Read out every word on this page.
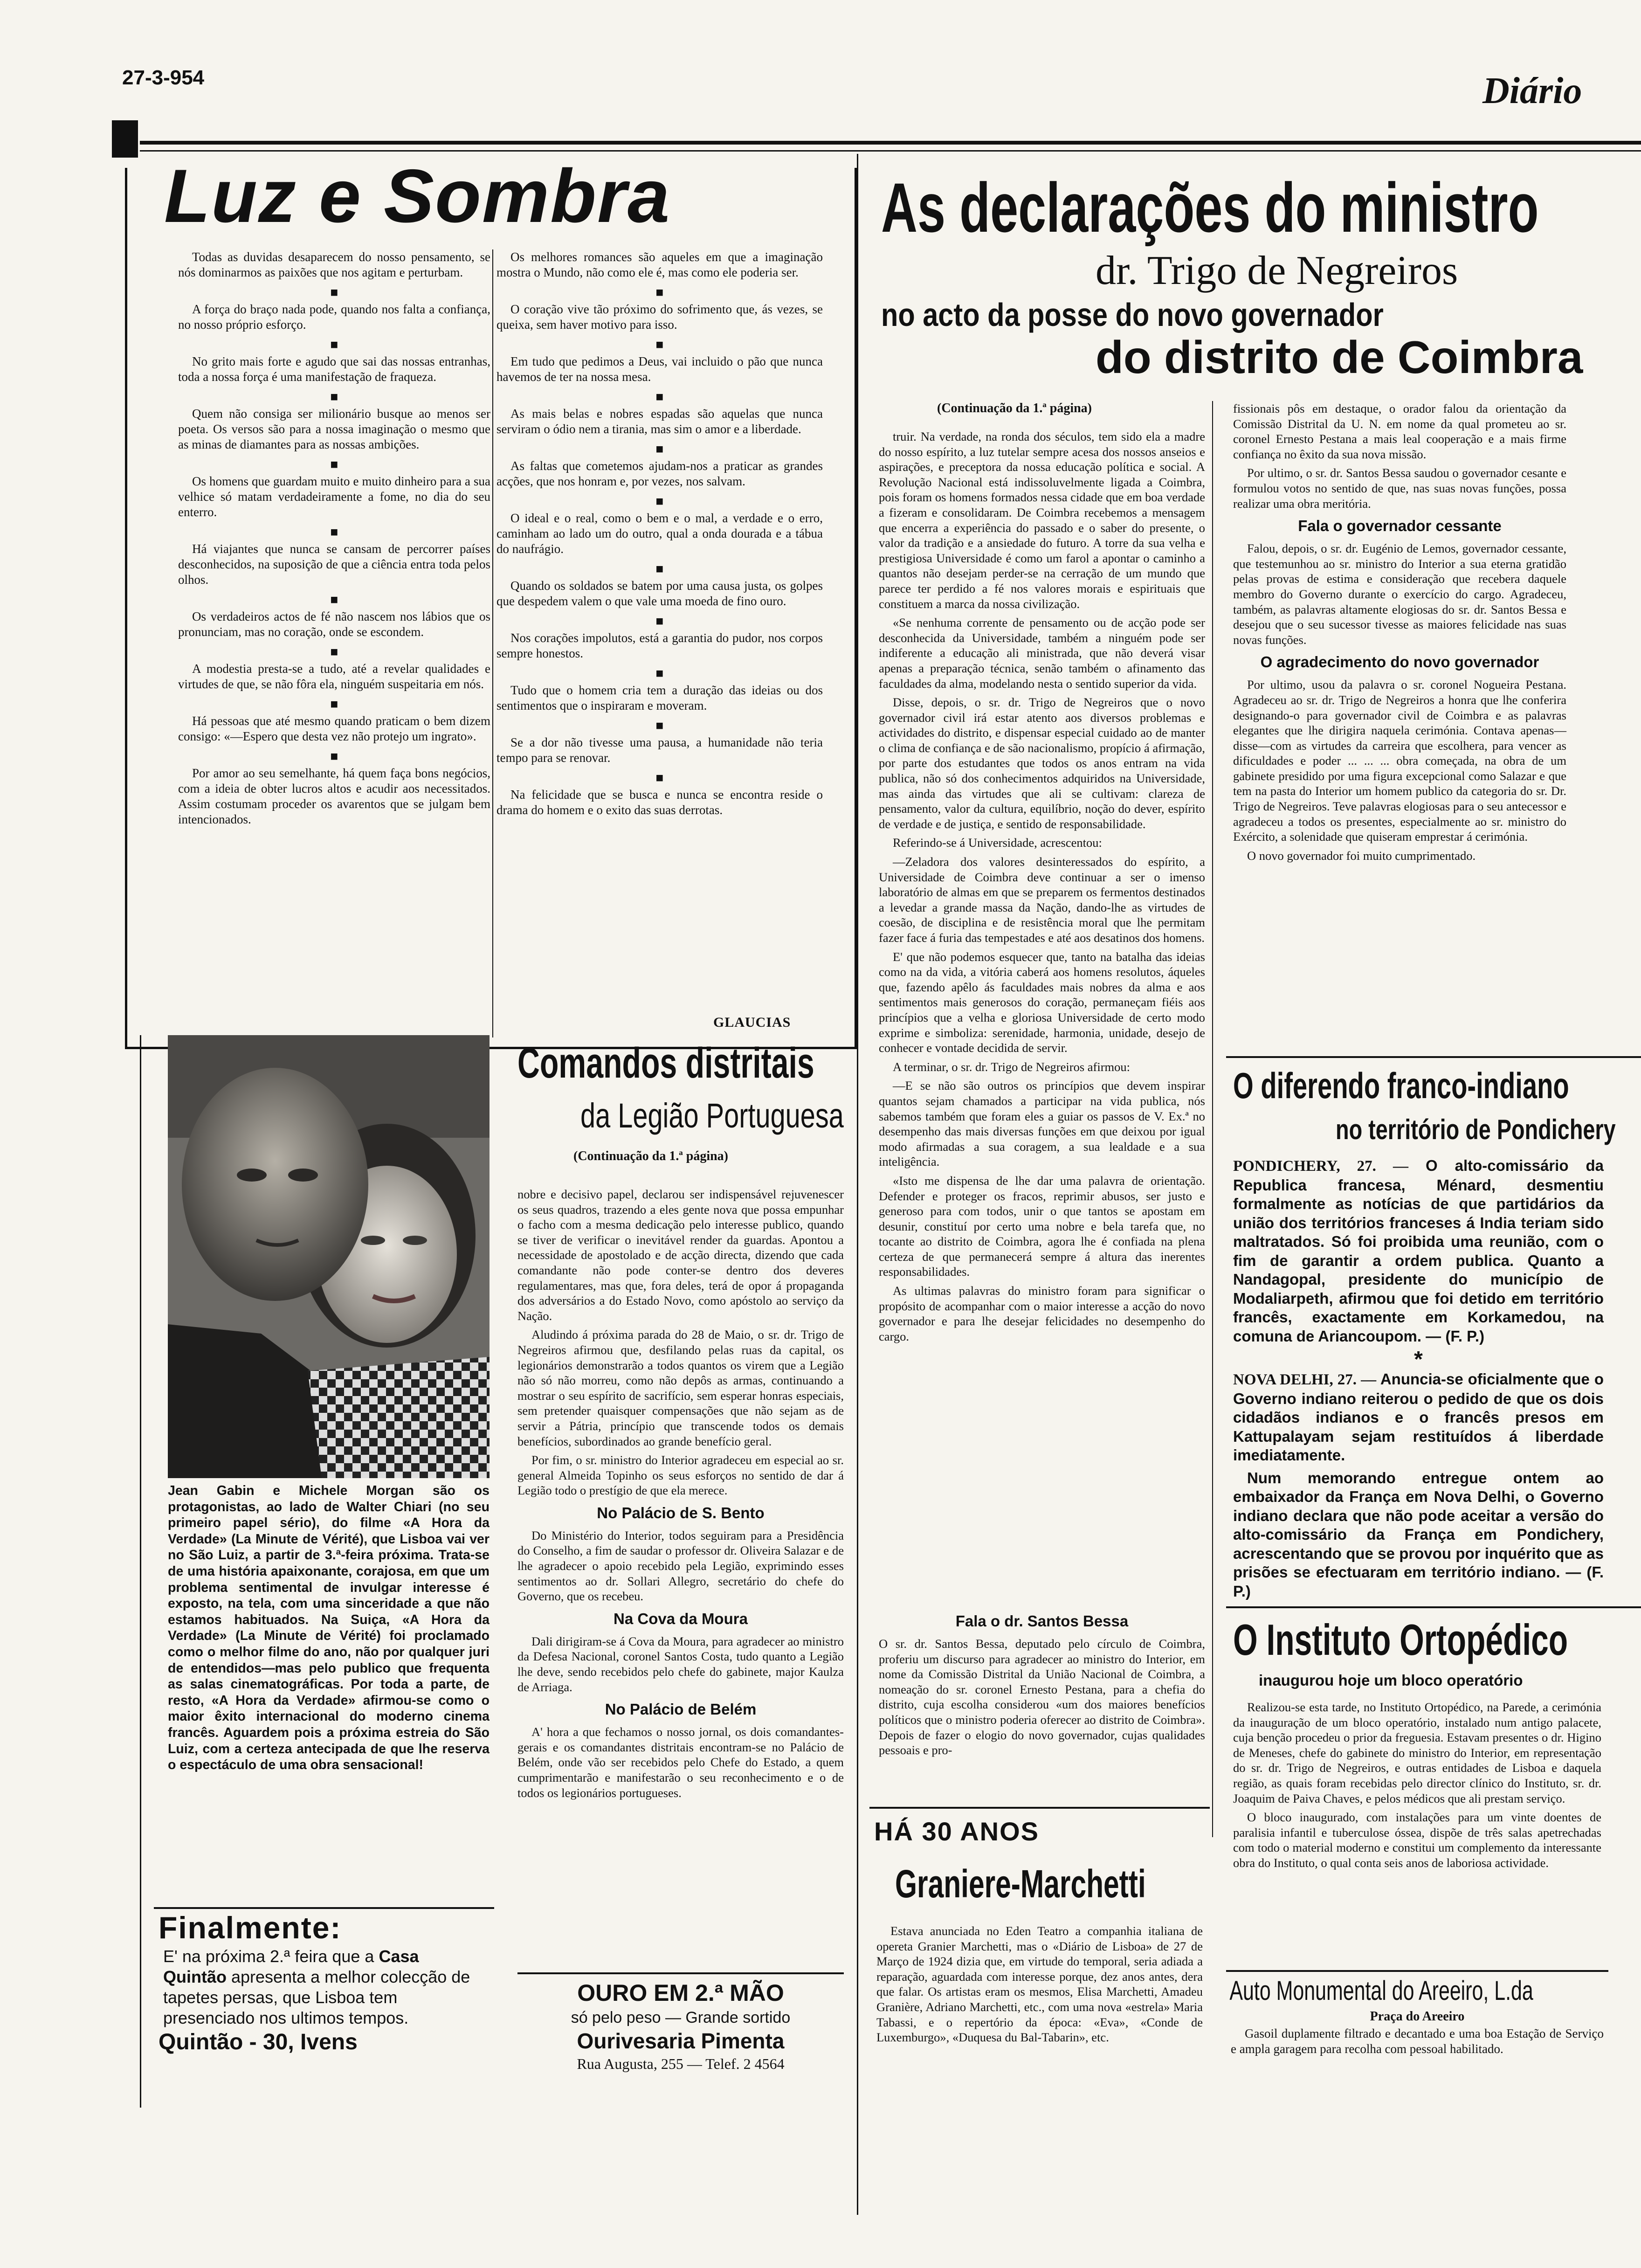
27-3-954	Diário
Luz e Sombra

Todas as duvidas desaparecem do nosso pensamento, se nós dominarmos as paixões que nos agitam e perturbam.

■

A força do braço nada pode, quando nos falta a confiança, no nosso próprio esforço.

■

No grito mais forte e agudo que sai das nossas entranhas, toda a nossa força é uma manifestação de fraqueza.

■

Quem não consiga ser milionário busque ao menos ser poeta. Os versos são para a nossa imaginação o mesmo que as minas de diamantes para as nossas ambições.

■

Os homens que guardam muito e muito dinheiro para a sua velhice só matam verdadeiramente a fome, no dia do seu enterro.

■

Há viajantes que nunca se cansam de percorrer países desconhecidos, na suposição de que a ciência entra toda pelos olhos.

■

Os verdadeiros actos de fé não nascem nos lábios que os pronunciam, mas no coração, onde se escondem.

■

A modestia presta-se a tudo, até a revelar qualidades e virtudes de que, se não fôra ela, ninguém suspeitaria em nós.

■

Há pessoas que até mesmo quando praticam o bem dizem consigo: «—Espero que desta vez não protejo um ingrato».

■

Por amor ao seu semelhante, há quem faça bons negócios, com a ideia de obter lucros altos e acudir aos necessitados. Assim costumam proceder os avarentos que se julgam bem intencionados.

Os melhores romances são aqueles em que a imaginação mostra o Mundo, não como ele é, mas como ele poderia ser.

■

O coração vive tão próximo do sofrimento que, ás vezes, se queixa, sem haver motivo para isso.

■

Em tudo que pedimos a Deus, vai incluido o pão que nunca havemos de ter na nossa mesa.

■

As mais belas e nobres espadas são aquelas que nunca serviram o ódio nem a tirania, mas sim o amor e a liberdade.

■

As faltas que cometemos ajudam-nos a praticar as grandes acções, que nos honram e, por vezes, nos salvam.

■

O ideal e o real, como o bem e o mal, a verdade e o erro, caminham ao lado um do outro, qual a onda dourada e a tábua do naufrágio.

■

Quando os soldados se batem por uma causa justa, os golpes que despedem valem o que vale uma moeda de fino ouro.

■

Nos corações impolutos, está a garantia do pudor, nos corpos sempre honestos.

■

Tudo que o homem cria tem a duração das ideias ou dos sentimentos que o inspiraram e moveram.

■

Se a dor não tivesse uma pausa, a humanidade não teria tempo para se renovar.

■

Na felicidade que se busca e nunca se encontra reside o drama do homem e o exito das suas derrotas.

GLAUCIAS
As declarações do ministro
dr. Trigo de Negreiros
no acto da posse do novo governador
do distrito de Coimbra
(Continuação da 1.ª página)

truir. Na verdade, na ronda dos séculos, tem sido ela a madre do nosso espírito, a luz tutelar sempre acesa dos nossos anseios e aspirações, e preceptora da nossa educação política e social. A Revolução Nacional está indissoluvelmente ligada a Coimbra, pois foram os homens formados nessa cidade que em boa verdade a fizeram e consolidaram. De Coimbra recebemos a mensagem que encerra a experiência do passado e o saber do presente, o valor da tradição e a ansiedade do futuro. A torre da sua velha e prestigiosa Universidade é como um farol a apontar o caminho a quantos não desejam perder-se na cerração de um mundo que parece ter perdido a fé nos valores morais e espirituais que constituem a marca da nossa civilização.

«Se nenhuma corrente de pensamento ou de acção pode ser desconhecida da Universidade, também a ninguém pode ser indiferente a educação ali ministrada, que não deverá visar apenas a preparação técnica, senão também o afinamento das faculdades da alma, modelando nesta o sentido superior da vida.

Disse, depois, o sr. dr. Trigo de Negreiros que o novo governador civil irá estar atento aos diversos problemas e actividades do distrito, e dispensar especial cuidado ao de manter o clima de confiança e de são nacionalismo, propício á afirmação, por parte dos estudantes que todos os anos entram na vida publica, não só dos conhecimentos adquiridos na Universidade, mas ainda das virtudes que ali se cultivam: clareza de pensamento, valor da cultura, equilíbrio, noção do dever, espírito de verdade e de justiça, e sentido de responsabilidade.

Referindo-se á Universidade, acrescentou:

—Zeladora dos valores desinteressados do espírito, a Universidade de Coimbra deve continuar a ser o imenso laboratório de almas em que se preparem os fermentos destinados a levedar a grande massa da Nação, dando-lhe as virtudes de coesão, de disciplina e de resistência moral que lhe permitam fazer face á furia das tempestades e até aos desatinos dos homens.

E' que não podemos esquecer que, tanto na batalha das ideias como na da vida, a vitória caberá aos homens resolutos, áqueles que, fazendo apêlo ás faculdades mais nobres da alma e aos sentimentos mais generosos do coração, permaneçam fiéis aos princípios que a velha e gloriosa Universidade de certo modo exprime e simboliza: serenidade, harmonia, unidade, desejo de conhecer e vontade decidida de servir.

A terminar, o sr. dr. Trigo de Negreiros afirmou:

—E se não são outros os princípios que devem inspirar quantos sejam chamados a participar na vida publica, nós sabemos também que foram eles a guiar os passos de V. Ex.ª no desempenho das mais diversas funções em que deixou por igual modo afirmadas a sua coragem, a sua lealdade e a sua inteligência.

«Isto me dispensa de lhe dar uma palavra de orientação. Defender e proteger os fracos, reprimir abusos, ser justo e generoso para com todos, unir o que tantos se apostam em desunir, constituí por certo uma nobre e bela tarefa que, no tocante ao distrito de Coimbra, agora lhe é confiada na plena certeza de que permanecerá sempre á altura das inerentes responsabilidades.

As ultimas palavras do ministro foram para significar o propósito de acompanhar com o maior interesse a acção do novo governador e para lhe desejar felicidades no desempenho do cargo.

Fala o dr. Santos Bessa

O sr. dr. Santos Bessa, deputado pelo círculo de Coimbra, proferiu um discurso para agradecer ao ministro do Interior, em nome da Comissão Distrital da União Nacional de Coimbra, a nomeação do sr. coronel Ernesto Pestana, para a chefia do distrito, cuja escolha considerou «um dos maiores benefícios políticos que o ministro poderia oferecer ao distrito de Coimbra». Depois de fazer o elogio do novo governador, cujas qualidades pessoais e pro-

fissionais pôs em destaque, o orador falou da orientação da Comissão Distrital da U. N. em nome da qual prometeu ao sr. coronel Ernesto Pestana a mais leal cooperação e a mais firme confiança no êxito da sua nova missão.

Por ultimo, o sr. dr. Santos Bessa saudou o governador cesante e formulou votos no sentido de que, nas suas novas funções, possa realizar uma obra meritória.

Fala o governador cessante

Falou, depois, o sr. dr. Eugénio de Lemos, governador cessante, que testemunhou ao sr. ministro do Interior a sua eterna gratidão pelas provas de estima e consideração que recebera daquele membro do Governo durante o exercício do cargo. Agradeceu, também, as palavras altamente elogiosas do sr. dr. Santos Bessa e desejou que o seu sucessor tivesse as maiores felicidade nas suas novas funções.

O agradecimento do novo governador

Por ultimo, usou da palavra o sr. coronel Nogueira Pestana. Agradeceu ao sr. dr. Trigo de Negreiros a honra que lhe conferira designando-o para governador civil de Coimbra e as palavras elegantes que lhe dirigira naquela cerimónia. Contava apenas—disse—com as virtudes da carreira que escolhera, para vencer as dificuldades e poder ... ... ... obra começada, na obra de um gabinete presidido por uma figura excepcional como Salazar e que tem na pasta do Interior um homem publico da categoria do sr. Dr. Trigo de Negreiros. Teve palavras elogiosas para o seu antecessor e agradeceu a todos os presentes, especialmente ao sr. ministro do Exército, a solenidade que quiseram emprestar á cerimónia.

O novo governador foi muito cumprimentado.

Jean Gabin e Michele Morgan são os protagonistas, ao lado de Walter Chiari (no seu primeiro papel sério), do filme «A Hora da Verdade» (La Minute de Vérité), que Lisboa vai ver no São Luiz, a partir de 3.ª-feira próxima. Trata-se de uma história apaixonante, corajosa, em que um problema sentimental de invulgar interesse é exposto, na tela, com uma sinceridade a que não estamos habituados. Na Suiça, «A Hora da Verdade» (La Minute de Vérité) foi proclamado como o melhor filme do ano, não por qualquer juri de entendidos—mas pelo publico que frequenta as salas cinematográficas. Por toda a parte, de resto, «A Hora da Verdade» afirmou-se como o maior êxito internacional do moderno cinema francês. Aguardem pois a próxima estreia do São Luiz, com a certeza antecipada de que lhe reserva o espectáculo de uma obra sensacional!
Finalmente:
E' na próxima 2.ª feira que a Casa Quintão apresenta a melhor colecção de tapetes persas, que Lisboa tem presenciado nos ultimos tempos.
Quintão - 30, Ivens
Comandos distritais
da Legião Portuguesa
(Continuação da 1.ª página)

nobre e decisivo papel, declarou ser indispensável rejuvenescer os seus quadros, trazendo a eles gente nova que possa empunhar o facho com a mesma dedicação pelo interesse publico, quando se tiver de verificar o inevitável render da guardas. Apontou a necessidade de apostolado e de acção directa, dizendo que cada comandante não pode conter-se dentro dos deveres regulamentares, mas que, fora deles, terá de opor á propaganda dos adversários a do Estado Novo, como apóstolo ao serviço da Nação.

Aludindo á próxima parada do 28 de Maio, o sr. dr. Trigo de Negreiros afirmou que, desfilando pelas ruas da capital, os legionários demonstrarão a todos quantos os virem que a Legião não só não morreu, como não depôs as armas, continuando a mostrar o seu espírito de sacrifício, sem esperar honras especiais, sem pretender quaisquer compensações que não sejam as de servir a Pátria, princípio que transcende todos os demais benefícios, subordinados ao grande benefício geral.

Por fim, o sr. ministro do Interior agradeceu em especial ao sr. general Almeida Topinho os seus esforços no sentido de dar á Legião todo o prestígio de que ela merece.

No Palácio de S. Bento

Do Ministério do Interior, todos seguiram para a Presidência do Conselho, a fim de saudar o professor dr. Oliveira Salazar e de lhe agradecer o apoio recebido pela Legião, exprimindo esses sentimentos ao dr. Sollari Allegro, secretário do chefe do Governo, que os recebeu.

Na Cova da Moura

Dali dirigiram-se á Cova da Moura, para agradecer ao ministro da Defesa Nacional, coronel Santos Costa, tudo quanto a Legião lhe deve, sendo recebidos pelo chefe do gabinete, major Kaulza de Arriaga.

No Palácio de Belém

A' hora a que fechamos o nosso jornal, os dois comandantes-gerais e os comandantes distritais encontram-se no Palácio de Belém, onde vão ser recebidos pelo Chefe do Estado, a quem cumprimentarão e manifestarão o seu reconhecimento e o de todos os legionários portugueses.

OURO EM 2.ª MÃO
só pelo peso — Grande sortido
Ourivesaria Pimenta
Rua Augusta, 255 — Telef. 2 4564
HÁ 30 ANOS
Graniere-Marchetti
Estava anunciada no Eden Teatro a companhia italiana de opereta Granier Marchetti, mas o «Diário de Lisboa» de 27 de Março de 1924 dizia que, em virtude do temporal, seria adiada a reparação, aguardada com interesse porque, dez anos antes, dera que falar. Os artistas eram os mesmos, Elisa Marchetti, Amadeu Granière, Adriano Marchetti, etc., com uma nova «estrela» Maria Tabassi, e o repertório da época: «Eva», «Conde de Luxemburgo», «Duquesa du Bal-Tabarin», etc.
O diferendo franco-indiano
no território de Pondichery

PONDICHERY, 27. — O alto-comissário da Republica francesa, Ménard, desmentiu formalmente as notícias de que partidários da união dos territórios franceses á India teriam sido maltratados. Só foi proibida uma reunião, com o fim de garantir a ordem publica. Quanto a Nandagopal, presidente do município de Modaliarpeth, afirmou que foi detido em território francês, exactamente em Korkamedou, na comuna de Ariancoupom. — (F. P.)

*

NOVA DELHI, 27. — Anuncia-se oficialmente que o Governo indiano reiterou o pedido de que os dois cidadãos indianos e o francês presos em Kattupalayam sejam restituídos á liberdade imediatamente.

Num memorando entregue ontem ao embaixador da França em Nova Delhi, o Governo indiano declara que não pode aceitar a versão do alto-comissário da França em Pondichery, acrescentando que se provou por inquérito que as prisões se efectuaram em território indiano. — (F. P.)

O Instituto Ortopédico
inaugurou hoje um bloco operatório

Realizou-se esta tarde, no Instituto Ortopédico, na Parede, a cerimónia da inauguração de um bloco operatório, instalado num antigo palacete, cuja benção procedeu o prior da freguesia. Estavam presentes o dr. Higino de Meneses, chefe do gabinete do ministro do Interior, em representação do sr. dr. Trigo de Negreiros, e outras entidades de Lisboa e daquela região, as quais foram recebidas pelo director clínico do Instituto, sr. dr. Joaquim de Paiva Chaves, e pelos médicos que ali prestam serviço.

O bloco inaugurado, com instalações para um vinte doentes de paralisia infantil e tuberculose óssea, dispõe de três salas apetrechadas com todo o material moderno e constitui um complemento da interessante obra do Instituto, o qual conta seis anos de laboriosa actividade.

Auto Monumental do Areeiro, L.da
Praça do Areeiro
Gasoil duplamente filtrado e decantado e uma boa Estação de Serviço e ampla garagem para recolha com pessoal habilitado.
